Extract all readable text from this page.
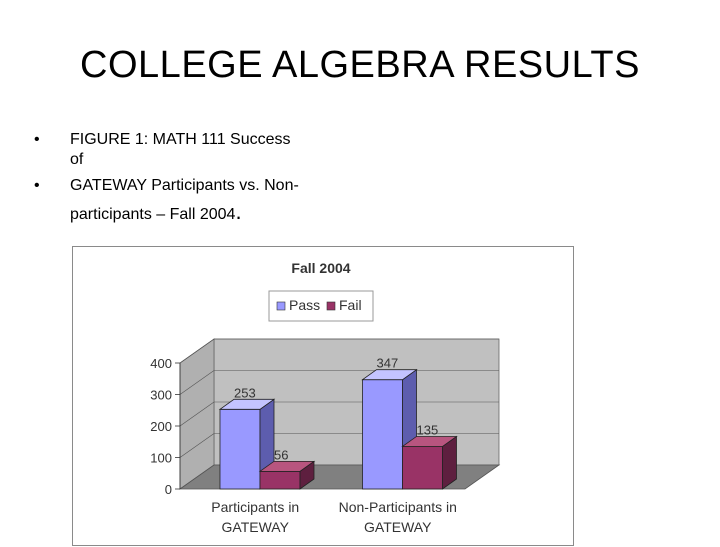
COLLEGE ALGEBRA RESULTS
• FIGURE 1: MATH 111 Success
of
• GATEWAY Participants vs. Non-
participants – Fall 2004.
Fall 2004
Pass Fail
0
100
200
300
400
253
56
Participants in
GATEWAY
347
135
Non-Participants in
GATEWAY
